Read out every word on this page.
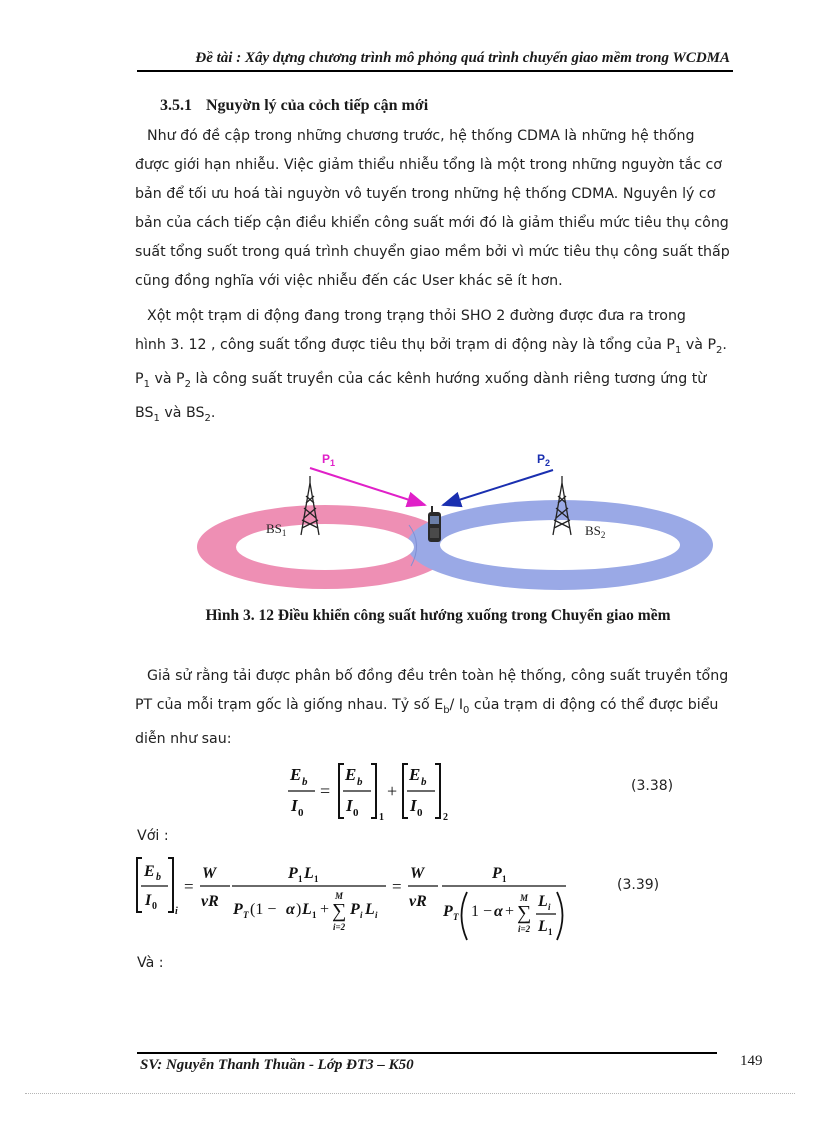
Đề tài : Xây dựng chương trình mô phỏng quá trình chuyển giao mềm trong WCDMA
3.5.1 Nguyờn lý của cỏch tiếp cận mới

Như đó đề cập trong những chương trước, hệ thống CDMA là những hệ thống

được giới hạn nhiễu. Việc giảm thiểu nhiễu tổng là một trong những nguyờn tắc cơ

bản để tối ưu hoá tài nguyờn vô tuyến trong những hệ thống CDMA. Nguyên lý cơ

bản của cách tiếp cận điều khiển công suất mới đó là giảm thiểu mức tiêu thụ công

suất tổng suốt trong quá trình chuyển giao mềm bởi vì mức tiêu thụ công suất thấp

cũng đồng nghĩa với việc nhiễu đến các User khác sẽ ít hơn.

Xột một trạm di động đang trong trạng thỏi SHO 2 đường được đưa ra trong

hình 3. 12 , công suất tổng được tiêu thụ bởi trạm di động này là tổng của $P_1$ và $P_2$.

$P_1$ và $P_2$ là công suất truyền của các kênh hướng xuống dành riêng tương ứng từ

$BS_1$ và $BS_2$.

$P_1$	$P_2$
$BS_1$	$BS_2$
Hình 3. 12 Điều khiển công suất hướng xuống trong Chuyển giao mềm

Giả sử rằng tải được phân bố đồng đều trên toàn hệ thống, công suất truyền tổng

PT của mỗi trạm gốc là giống nhau. Tỷ số $E_b/$ $I_0$ của trạm di động có thể được biểu

diễn như sau:

E b
I 0
=
E b
I 0 1
+
E b
I 0 2
(3.38)
Với :
E b
I 0 i
=
W
vR
P 1 L 1
P T (1 − α ) L 1 +
M
∑
i=2
P i L i
=
W
vR
P 1
P T 1 − α +
M
∑
i=2
L i
L 1
(3.39)
Và :
SV: Nguyễn Thanh Thuần - Lớp ĐT3 – K50	149
